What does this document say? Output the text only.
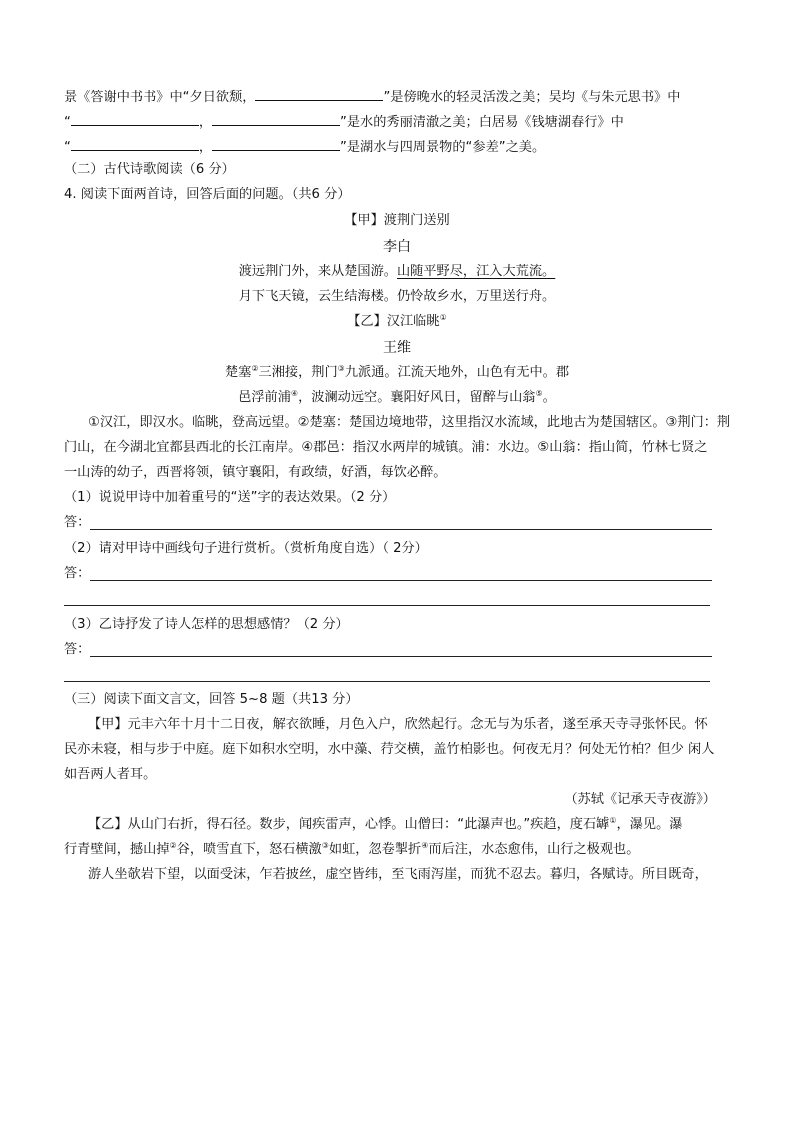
景《答谢中书书》中“夕日欲颓，	”是傍晚水的轻灵活泼之美；吴均《与朱元思书》中
“	，	”是水的秀丽清澈之美；白居易《钱塘湖春行》中
“	，	”是湖水与四周景物的“参差”之美。
（二）古代诗歌阅读（6 分）
4. 阅读下面两首诗，回答后面的问题。（共6 分）
【甲】渡荆门送别
李白
渡远荆门外，来从楚国游。山随平野尽，江入大荒流。
月下飞天镜，云生结海楼。仍怜故乡水，万里送行舟。
【乙】汉江临眺①
王维
楚塞②三湘接，荆门③九派通。江流天地外，山色有无中。郡
邑浮前浦④，波澜动远空。襄阳好风日，留醉与山翁⑤。
①汉江，即汉水。临眺，登高远望。②楚塞：楚国边境地带，这里指汉水流域，此地古为楚国辖区。③荆门：荆
门山，在今湖北宜都县西北的长江南岸。④郡邑：指汉水两岸的城镇。浦：水边。⑤山翁：指山简，竹林七贤之
一山涛的幼子，西晋将领，镇守襄阳，有政绩，好酒，每饮必醉。
（1）说说甲诗中加着重号的“送”字的表达效果。（2 分）
答：
（2）请对甲诗中画线句子进行赏析。（赏析角度自选）（ 2分）
答：
（3）乙诗抒发了诗人怎样的思想感情？（2 分）
答：
（三）阅读下面文言文，回答 5~8 题（共13 分）
【甲】元丰六年十月十二日夜，解衣欲睡，月色入户，欣然起行。念无与为乐者，遂至承天寺寻张怀民。怀
民亦未寝，相与步于中庭。庭下如积水空明，水中藻、荇交横，盖竹柏影也。何夜无月？何处无竹柏？但少 闲人
如吾两人者耳。
（苏轼《记承天寺夜游》）
【乙】从山门右折，得石径。数步，闻疾雷声，心悸。山僧曰：“此瀑声也。”疾趋，度石罅①，瀑见。瀑
行青壁间，撼山掉②谷，喷雪直下，怒石横激③如虹，忽卷掣折④而后注，水态愈伟，山行之极观也。
游人坐欹岩下望，以面受沫，乍若披丝，虚空皆纬，至飞雨泻崖，而犹不忍去。暮归，各赋诗。所目既奇，
